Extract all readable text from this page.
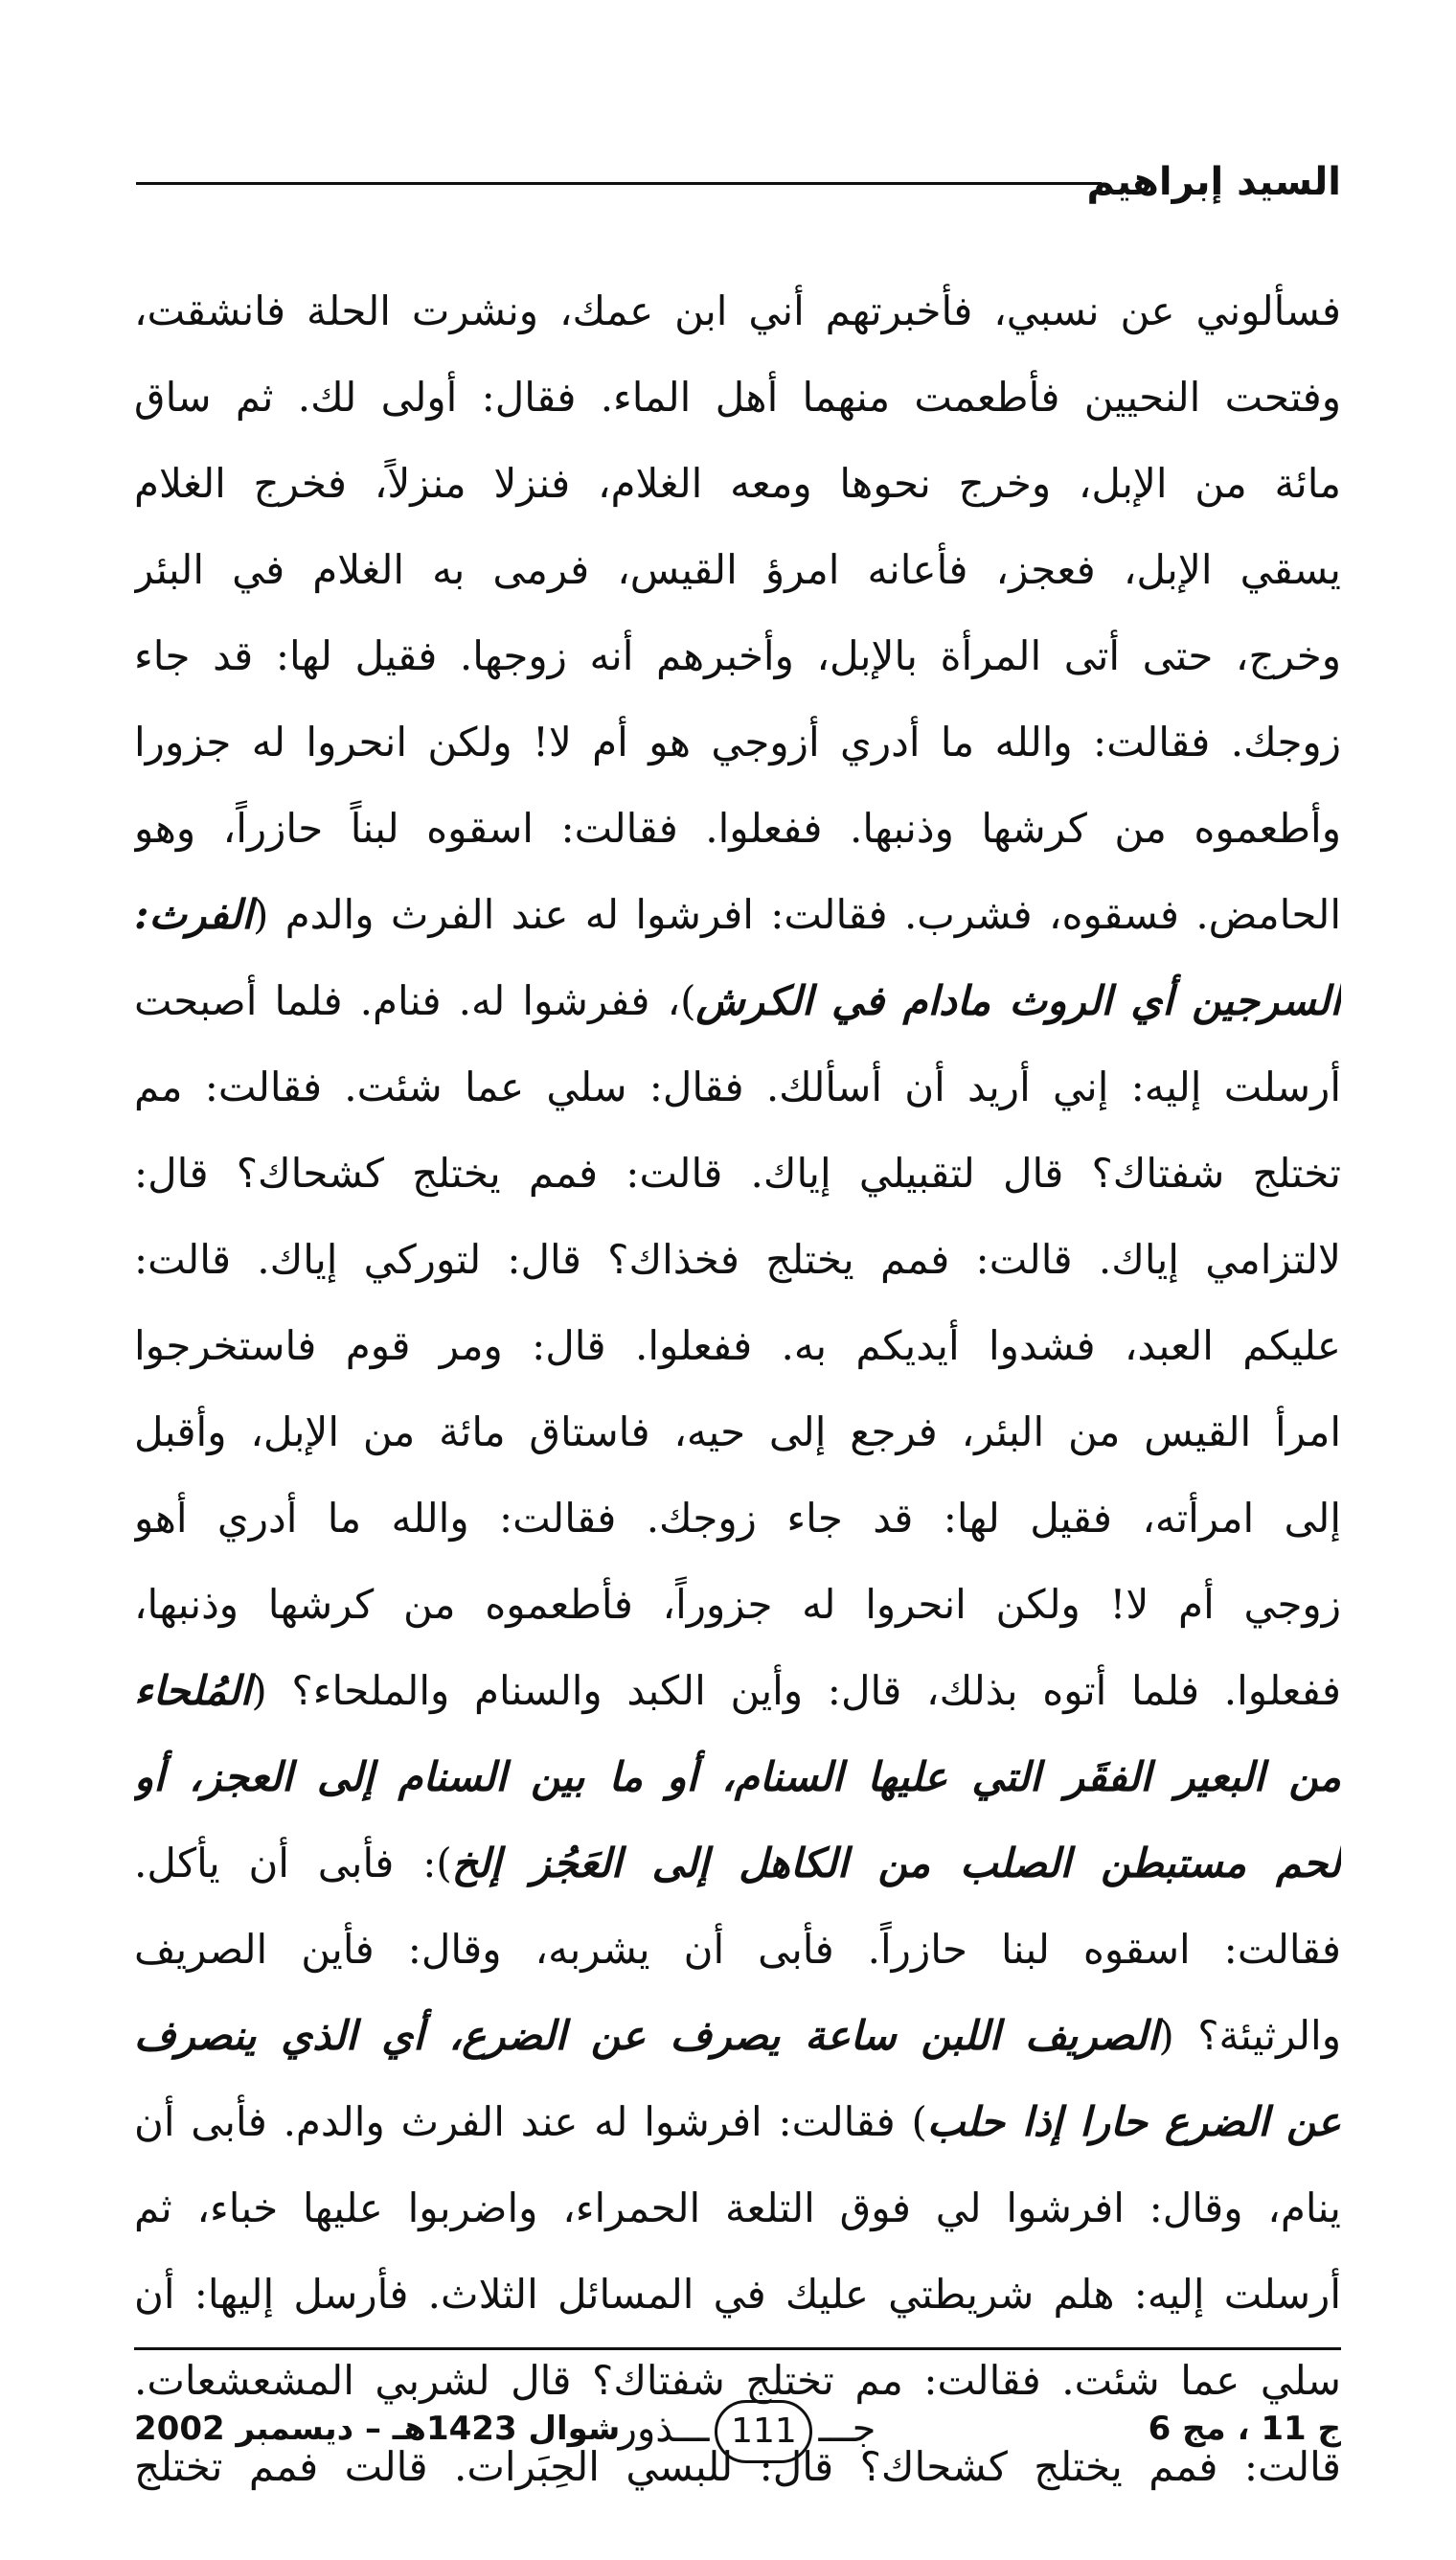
السيد إبراهيم
فسألوني عن نسبي، فأخبرتهم أني ابن عمك، ونشرت الحلة فانشقت،
وفتحت النحيين فأطعمت منهما أهل الماء. فقال: أولى لك. ثم ساق
مائة من الإبل، وخرج نحوها ومعه الغلام، فنزلا منزلاً، فخرج الغلام
يسقي الإبل، فعجز، فأعانه امرؤ القيس، فرمى به الغلام في البئر
وخرج، حتى أتى المرأة بالإبل، وأخبرهم أنه زوجها. فقيل لها: قد جاء
زوجك. فقالت: والله ما أدري أزوجي هو أم لا! ولكن انحروا له جزورا
وأطعموه من كرشها وذنبها. ففعلوا. فقالت: اسقوه لبناً حازراً، وهو
الحامض. فسقوه، فشرب. فقالت: افرشوا له عند الفرث والدم (الفرث:
السرجين أي الروث مادام في الكرش)، ففرشوا له. فنام. فلما أصبحت
أرسلت إليه: إني أريد أن أسألك. فقال: سلي عما شئت. فقالت: مم
تختلج شفتاك؟ قال لتقبيلي إياك. قالت: فمم يختلج كشحاك؟ قال:
لالتزامي إياك. قالت: فمم يختلج فخذاك؟ قال: لتوركي إياك. قالت:
عليكم العبد، فشدوا أيديكم به. ففعلوا. قال: ومر قوم فاستخرجوا
امرأ القيس من البئر، فرجع إلى حيه، فاستاق مائة من الإبل، وأقبل
إلى امرأته، فقيل لها: قد جاء زوجك. فقالت: والله ما أدري أهو
زوجي أم لا! ولكن انحروا له جزوراً، فأطعموه من كرشها وذنبها،
ففعلوا. فلما أتوه بذلك، قال: وأين الكبد والسنام والملحاء؟ (المُلحاء
من البعير الفقَر التي عليها السنام، أو ما بين السنام إلى العجز، أو
لحم مستبطن الصلب من الكاهل إلى العَجُز إلخ): فأبى أن يأكل.
فقالت: اسقوه لبنا حازراً. فأبى أن يشربه، وقال: فأين الصريف
والرثيئة؟ (الصريف اللبن ساعة يصرف عن الضرع، أي الذي ينصرف
عن الضرع حارا إذا حلب) فقالت: افرشوا له عند الفرث والدم. فأبى أن
ينام، وقال: افرشوا لي فوق التلعة الحمراء، واضربوا عليها خباء، ثم
أرسلت إليه: هلم شريطتي عليك في المسائل الثلاث. فأرسل إليها: أن
سلي عما شئت. فقالت: مم تختلج شفتاك؟ قال لشربي المشعشعات.
قالت: فمم يختلج كشحاك؟ قال: للبسي الحِبَرات. قالت فمم تختلج
ج 11 ، مج 6
جـــ111ـــذور
شوال 1423هـ – ديسمبر 2002
